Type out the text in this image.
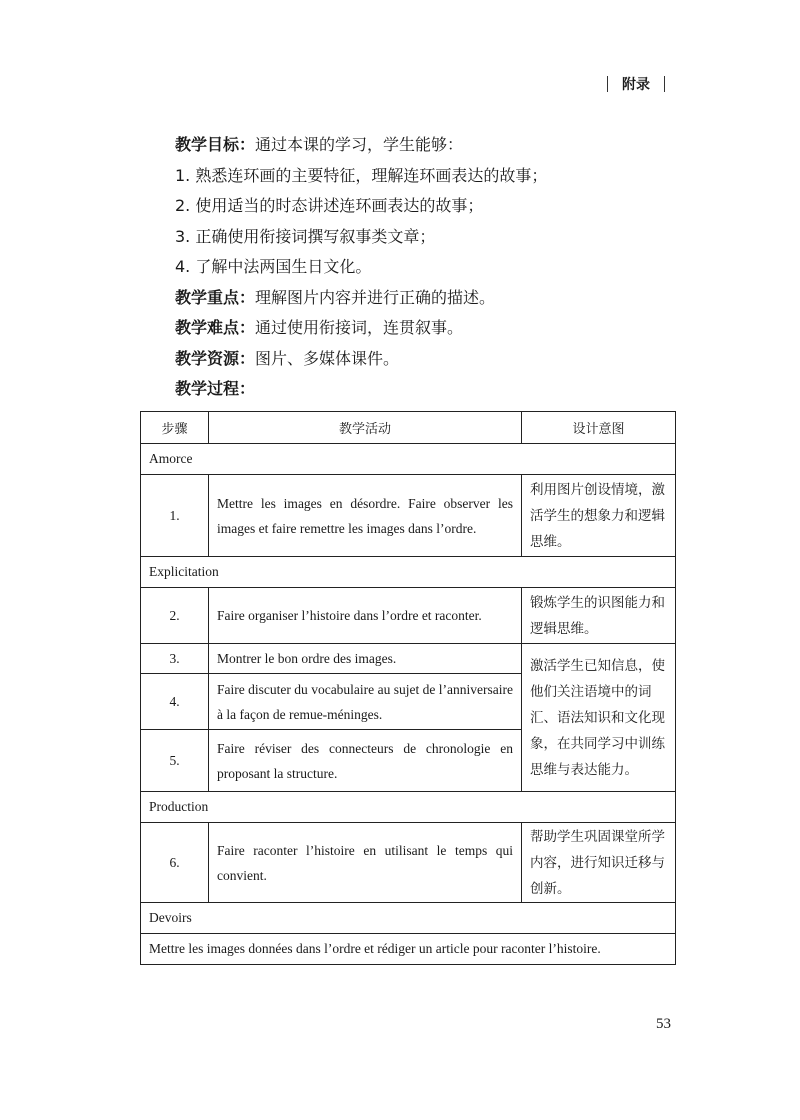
附录
教学目标：通过本课的学习，学生能够：
1. 熟悉连环画的主要特征，理解连环画表达的故事；
2. 使用适当的时态讲述连环画表达的故事；
3. 正确使用衔接词撰写叙事类文章；
4. 了解中法两国生日文化。
教学重点：理解图片内容并进行正确的描述。
教学难点：通过使用衔接词，连贯叙事。
教学资源：图片、多媒体课件。
教学过程：
步骤	教学活动	设计意图
Amorce		
1.	Mettre les images en désordre. Faire observer les images et faire remettre les images dans l’ordre.	利用图片创设情境，激活学生的想象力和逻辑思维。
Explicitation		
2.	Faire organiser l’histoire dans l’ordre et raconter.	锻炼学生的识图能力和逻辑思维。
3.	Montrer le bon ordre des images.	激活学生已知信息，使他们关注语境中的词汇、语法知识和文化现象，在共同学习中训练思维与表达能力。
4.	Faire discuter du vocabulaire au sujet de l’anniversaire à la façon de remue-méninges.	
5.	Faire réviser des connecteurs de chronologie en proposant la structure.	
Production		
6.	Faire raconter l’histoire en utilisant le temps qui convient.	帮助学生巩固课堂所学内容，进行知识迁移与创新。
Devoirs		
Mettre les images données dans l’ordre et rédiger un article pour raconter l’histoire.		
53
